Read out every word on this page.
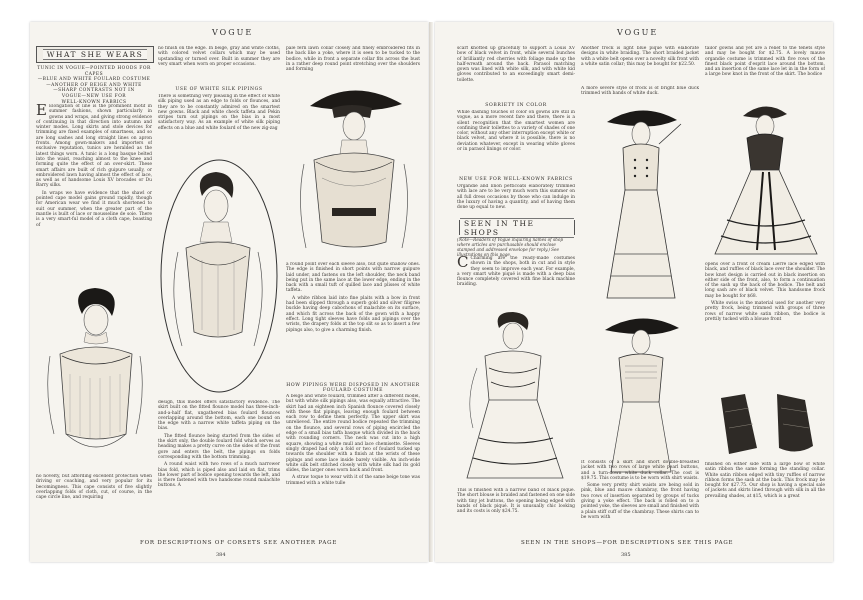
VOGUE
WHAT SHE WEARS
TUNIC IN VOGUE—POINTED HOODS FOR CAPES
—BLUE AND WHITE FOULARD COSTUME
—ANOTHER OF BEIGE AND WHITE
—SHARP CONTRASTS NOT IN
VOGUE—NEW USE FOR
WELL-KNOWN FABRICS

E Elongation of line is the prominent motif in summer fashions, shown particularly in gowns and wraps, and giving strong evidence of continuing in that direction into autumn and winter modes. Long skirts and stole devices for trimming are fixed examples of smartness, and so are long sashes and long straight lines on apron fronts. Among gown-makers and importers of exclusive reputation, tunics are heralded as the latest things worn. A tunic is a long basque belted into the waist, reaching almost to the knee and forming quite the effect of an over-skirt. These smart affairs are built of rich guipure usually, or embroidered lawn having almost the effect of lace, as well as of handsome Louis XV brocades or Du Barry silks.

In wraps we have evidence that the shawl or pointed cape model gains ground rapidly, though for American wear we find it much shortened to suit our summer, when the greater part of the mantle is built of lace or mousseline de soie. There is a very smart-ful model of a cloth cape, boasting of

no novelty, but affording excellent protection when driving or coaching, and very popular for its becomingness. This cape consists of five slightly overlapping folds of cloth, cut, of course, in the cape circle line, and requiring
no finish on the edge. In beige, gray and white cloths, with colored velvet collars which may be used upstanding or turned over. Built in summer they are very smart when worn on proper occasions.
USE OF WHITE SILK PIPINGS
There is something very pleasing in the effect of white silk piping used as an edge to folds or flounces, and they are to be constantly admired on the smartest new gowns. Black and white check taffeta and Pekin stripes turn out pipings on the bias in a most satisfactory way. As an example of white silk piping effects on a blue and white foulard of the new zig-zag

design, this model offers satisfactory evidence. The skirt built on the fitted flounce model has three-inch-and-a-half flat, ungathered bias foulard flounces overlapping around the bottom, each one bound on the edge with a narrow white taffeta piping on the bias.

The fitted flounce being started from the sides of the skirt only, the double foulard fold which serves as heading makes a pretty curve on the sides of the front gore and enters the belt, the pipings on folds corresponding with the bottom trimming.

A round waist with two rows of a much narrower bias fold, which is piped also and laid on flat, trims the lower part of bodice opening towards the left, and is there fastened with two handsome round malachite buttons. A

pale fern lawn collar closely and finely embroidered fits in the back like a yoke, where it is seen to be tucked to the bodice, while in front a separate collar fits across the bust in a rather deep round point stretching over the shoulders and forming

a round point over each sleeve also, but quite shallow ones. The edge is finished in short points with narrow guipure laid under, and fastens on the left shoulder, the neck band being put in the same lace at the lower edge, ending in the back with a small tuft of quilled lace and plisses of white taffeta.

A white ribbon laid into fine plaits with a bow in front had been slipped through a superb gold and silver filigree buckle having deep cabochons of malachite on its surface, and which fit across the back of the gown with a happy effect. Long tight sleeves have folds and pipings over the wrists, the drapery folds at the top slit so as to insert a few pipings also, to give a charming finish.

HOW PIPINGS WERE DISPOSED IN ANOTHER FOULARD COSTUME

A beige and white foulard, trimmed after a different model, but with white silk pipings also, was equally attractive. The skirt had an eighteen inch Spanish flounce covered closely with these flat pipings, leaving enough foulard between each row to define them perfectly. The upper skirt was unrelieved. The entire round bodice repeated the trimming on the flounce, and several rows of piping encircled the edge of a small bias taffa basque which divided in the back with rounding corners. The neck was cut into a high square, showing a white mull and lace chemisette. Sleeves singly draped had only a fold or two of foulard tucked up towards the shoulder with a finish at the wrists of these pipings and some lace inside barely visible. An inch-wide white silk belt stitched closely with white silk had its gold slides, the larger ones worn back and front.

A straw toque to wear with it of the same beige tone was trimmed with a white tulle

FOR DESCRIPTIONS OF CORSETS SEE ANOTHER PAGE
384
VOGUE
scarf knotted up gracefully to support a Louis XV bow of black velvet in front, while several bunches of brilliantly red cherries with foliage made up the half-wreath around the back. Parasol matching gown was lined with white silk, and with white kid gloves contributed to an exceedingly smart demi-toilette.
SOBRIETY IN COLOR
While dashing touches of color on gowns are still in vogue, as a more recent fare and there, there is a silent recognition that the smartest women are confining their toilettes to a variety of shades of one color, without any other interruption except white or black velvet, and where it is possible, there is no deviation whatever, except in wearing white gloves or in parasol linings or color.
NEW USE FOR WELL-KNOWN FABRICS
Organdie and linon petticoats elaborately trimmed with lace are to be very much worn this summer on all full dress occasions by those who can indulge in the luxury of having a quantity, and of having them done up equal to new.
SEEN IN THE SHOPS
(Note—Readers of Vogue inquiring names of shop where articles are purchasable should enclose stamped and addressed envelope for reply.) See illustrations on this page.

C Charming are the ready-made costumes shown in the shops, both in cut and in style they seem to improve each year. For example, a very smart white piqué is made with a deep bias flounce completely covered with fine black machine braiding.

This is finished with a narrow band of black piqué. The short blouse is braided and fastened on one side with tiny jet buttons, the opening being edged with bands of black piqué. It is unusually chic looking and its costs is only $24.75.
Another frock is light blue piqué with elaborate designs in white braiding. The short braided jacket with a white belt opens over a novelty silk front with a white satin collar; this may be bought for $22.50.
A more severe style of frock is of bright blue duck trimmed with bands of white duck.

It consists of a skirt and short double-breasted jacket with two rows of large white pearl buttons, and a turn-down white duck collar. The cost is $19.75. This costume is to be worn with shirt waists.

Some very pretty shirt waists are being sold in pink, blue and mauve chambray, the front having two rows of insertion separated by groups of tucks giving a yoke effect. The back is folled on to a pointed yoke, the sleeves are small and finished with a plain stiff cuff of the chambray. These shirts can to be worn with

tailor gowns and yet are a relief to the tenets style and may be bought for $2.75. A lovely mauve organdie costume is trimmed with five rows of the finest black point d'esprit lace around the bottom, and an insertion of the same lace let in in the form of a large bow knot in the front of the skirt. The bodice

opens over a front of cream Lierre lace edged with black, and ruffles of black lace over the shoulder. The bow knot design is carried out in black insertion on either side of the front, also, to form a continuation of the sash up the back of the bodice. The belt and long sash are of black velvet. This handsome frock may be bought for $68.

White swiss is the material used for another very pretty frock, being trimmed with groups of three rows of narrow white satin ribbon, the bodice is prettily tucked with a blouse front

finished on either side with a large bow of white satin ribbon the same forming the standing collar. White satin ribbon edged with tiny ruffles of narrow ribbon forms the sash at the back. This frock may be bought for $27.75. Our shop is having a special sale of jackets and skirts lined through with silk in all the prevailing shades, at $15, which is a great
SEEN IN THE SHOPS—FOR DESCRIPTIONS SEE THIS PAGE
385
